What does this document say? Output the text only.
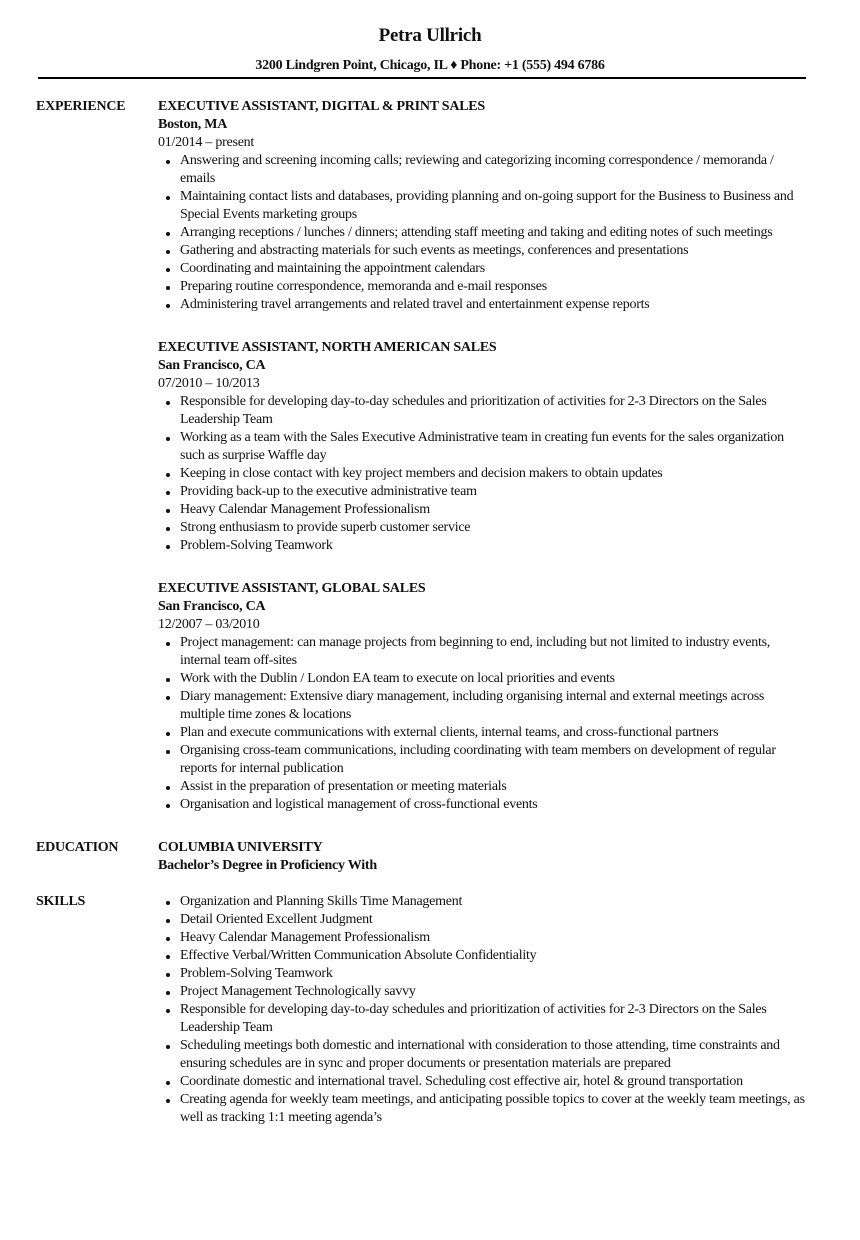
Petra Ullrich
3200 Lindgren Point, Chicago, IL ♦ Phone: +1 (555) 494 6786
EXPERIENCE EXECUTIVE ASSISTANT, DIGITAL & PRINT SALES
Boston, MA
01/2014 – present
Answering and screening incoming calls; reviewing and categorizing incoming correspondence / memoranda / emails
Maintaining contact lists and databases, providing planning and on-going support for the Business to Business and Special Events marketing groups
Arranging receptions / lunches / dinners; attending staff meeting and taking and editing notes of such meetings
Gathering and abstracting materials for such events as meetings, conferences and presentations
Coordinating and maintaining the appointment calendars
Preparing routine correspondence, memoranda and e-mail responses
Administering travel arrangements and related travel and entertainment expense reports
EXECUTIVE ASSISTANT, NORTH AMERICAN SALES
San Francisco, CA
07/2010 – 10/2013
Responsible for developing day-to-day schedules and prioritization of activities for 2-3 Directors on the Sales Leadership Team
Working as a team with the Sales Executive Administrative team in creating fun events for the sales organization such as surprise Waffle day
Keeping in close contact with key project members and decision makers to obtain updates
Providing back-up to the executive administrative team
Heavy Calendar Management Professionalism
Strong enthusiasm to provide superb customer service
Problem-Solving Teamwork
EXECUTIVE ASSISTANT, GLOBAL SALES
San Francisco, CA
12/2007 – 03/2010
Project management: can manage projects from beginning to end, including but not limited to industry events, internal team off-sites
Work with the Dublin / London EA team to execute on local priorities and events
Diary management: Extensive diary management, including organising internal and external meetings across multiple time zones & locations
Plan and execute communications with external clients, internal teams, and cross-functional partners
Organising cross-team communications, including coordinating with team members on development of regular reports for internal publication
Assist in the preparation of presentation or meeting materials
Organisation and logistical management of cross-functional events
EDUCATION	COLUMBIA UNIVERSITY
Bachelor’s Degree in Proficiency With
SKILLS	Organization and Planning Skills Time Management
Detail Oriented Excellent Judgment
Heavy Calendar Management Professionalism
Effective Verbal/Written Communication Absolute Confidentiality
Problem-Solving Teamwork
Project Management Technologically savvy
Responsible for developing day-to-day schedules and prioritization of activities for 2-3 Directors on the Sales Leadership Team
Scheduling meetings both domestic and international with consideration to those attending, time constraints and ensuring schedules are in sync and proper documents or presentation materials are prepared
Coordinate domestic and international travel. Scheduling cost effective air, hotel & ground transportation
Creating agenda for weekly team meetings, and anticipating possible topics to cover at the weekly team meetings, as well as tracking 1:1 meeting agenda’s
